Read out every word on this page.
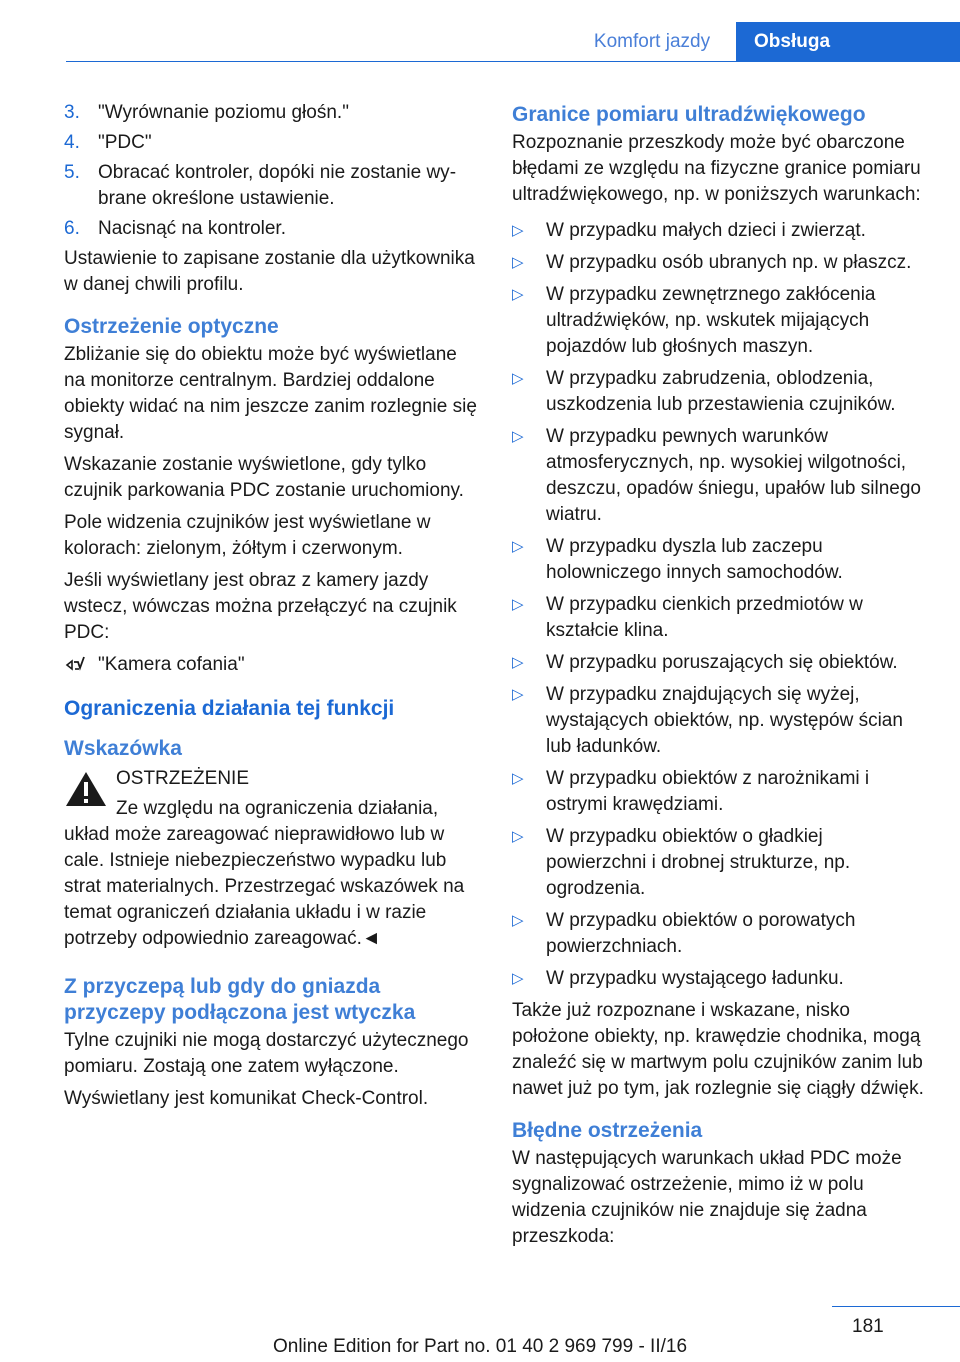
Komfort jazdy	Obsługa
3. "Wyrównanie poziomu głośn."
4. "PDC"
5. Obracać kontroler, dopóki nie zostanie wybrane określone ustawienie.
6. Nacisnąć na kontroler.

Ustawienie to zapisane zostanie dla użytkownika w danej chwili profilu.

Ostrzeżenie optyczne

Zbliżanie się do obiektu może być wyświetlane na monitorze centralnym. Bardziej oddalone obiekty widać na nim jeszcze zanim rozlegnie się sygnał.

Wskazanie zostanie wyświetlone, gdy tylko czujnik parkowania PDC zostanie uruchomiony.

Pole widzenia czujników jest wyświetlane w kolorach: zielonym, żółtym i czerwonym.

Jeśli wyświetlany jest obraz z kamery jazdy wstecz, wówczas można przełączyć na czujnik PDC:

"Kamera cofania"
Ograniczenia działania tej funkcji
Wskazówka

OSTRZEŻENIE

Ze względu na ograniczenia działania, układ może zareagować nieprawidłowo lub w cale. Istnieje niebezpieczeństwo wypadku lub strat materialnych. Przestrzegać wskazówek na temat ograniczeń działania układu i w razie potrzeby odpowiednio zareagować.◄

Z przyczepą lub gdy do gniazda przyczepy podłączona jest wtyczka

Tylne czujniki nie mogą dostarczyć użytecznego pomiaru. Zostają one zatem wyłączone.

Wyświetlany jest komunikat Check-Control.

Granice pomiaru ultradźwiękowego

Rozpoznanie przeszkody może być obarczone błędami ze względu na fizyczne granice pomiaru ultradźwiękowego, np. w poniższych warunkach:

▷	W przypadku małych dzieci i zwierząt.
▷	W przypadku osób ubranych np. w płaszcz.
▷	W przypadku zewnętrznego zakłócenia ultradźwięków, np. wskutek mijających pojazdów lub głośnych maszyn.
▷	W przypadku zabrudzenia, oblodzenia, uszkodzenia lub przestawienia czujników.
▷	W przypadku pewnych warunków atmosferycznych, np. wysokiej wilgotności, deszczu, opadów śniegu, upałów lub silnego wiatru.
▷	W przypadku dyszla lub zaczepu holowniczego innych samochodów.
▷	W przypadku cienkich przedmiotów w kształcie klina.
▷	W przypadku poruszających się obiektów.
▷	W przypadku znajdujących się wyżej, wystających obiektów, np. występów ścian lub ładunków.
▷	W przypadku obiektów z narożnikami i ostrymi krawędziami.
▷	W przypadku obiektów o gładkiej powierzchni i drobnej strukturze, np. ogrodzenia.
▷	W przypadku obiektów o porowatych powierzchniach.
▷	W przypadku wystającego ładunku.

Także już rozpoznane i wskazane, nisko położone obiekty, np. krawędzie chodnika, mogą znaleźć się w martwym polu czujników zanim lub nawet już po tym, jak rozlegnie się ciągły dźwięk.

Błędne ostrzeżenia

W następujących warunkach układ PDC może sygnalizować ostrzeżenie, mimo iż w polu widzenia czujników nie znajduje się żadna przeszkoda:

181
Online Edition for Part no. 01 40 2 969 799 - II/16
